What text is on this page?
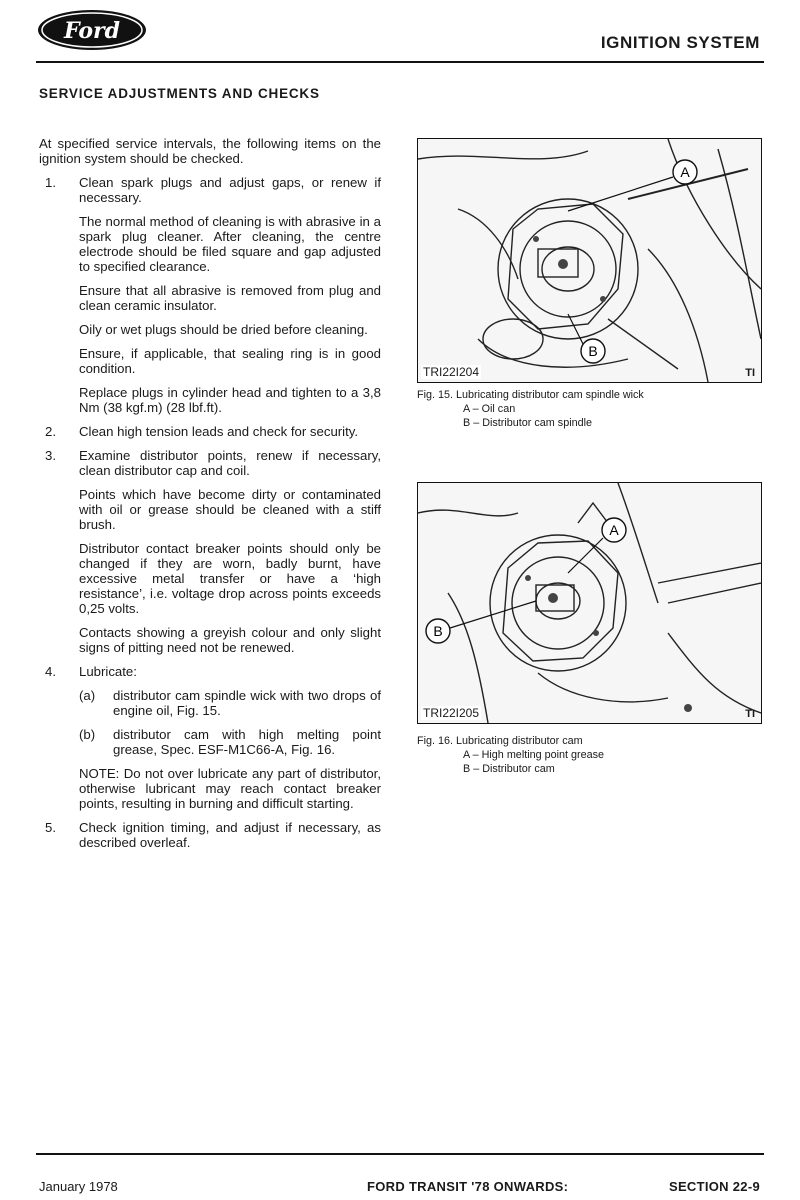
Ford	IGNITION SYSTEM
SERVICE ADJUSTMENTS AND CHECKS

At specified service intervals, the following items on the ignition system should be checked.

1.	Clean spark plugs and adjust gaps, or renew if necessary.

The normal method of cleaning is with abrasive in a spark plug cleaner. After cleaning, the centre electrode should be filed square and gap adjusted to specified clearance.

Ensure that all abrasive is removed from plug and clean ceramic insulator.

Oily or wet plugs should be dried before cleaning.

Ensure, if applicable, that sealing ring is in good condition.

Replace plugs in cylinder head and tighten to a 3,8 Nm (38 kgf.m) (28 lbf.ft).

2.	Clean high tension leads and check for security.

3.	Examine distributor points, renew if necessary, clean distributor cap and coil.

Points which have become dirty or contaminated with oil or grease should be cleaned with a stiff brush.

Distributor contact breaker points should only be changed if they are worn, badly burnt, have excessive metal transfer or have a ‘high resistance’, i.e. voltage drop across points exceeds 0,25 volts.

Contacts showing a greyish colour and only slight signs of pitting need not be renewed.

4.	Lubricate:

(a)	distributor cam spindle wick with two drops of engine oil, Fig. 15.
(b)	distributor cam with high melting point grease, Spec. ESF-M1C66-A, Fig. 16.

NOTE: Do not over lubricate any part of distributor, otherwise lubricant may reach contact breaker points, resulting in burning and difficult starting.

5.	Check ignition timing, and adjust if necessary, as described overleaf.

A
B
TRI22I204	TI
Fig. 15. Lubricating distributor cam spindle wick
A – Oil can
B – Distributor cam spindle
A
B
TRI22I205	TI
Fig. 16. Lubricating distributor cam
A – High melting point grease
B – Distributor cam
January 1978	FORD TRANSIT '78 ONWARDS:	SECTION 22-9
